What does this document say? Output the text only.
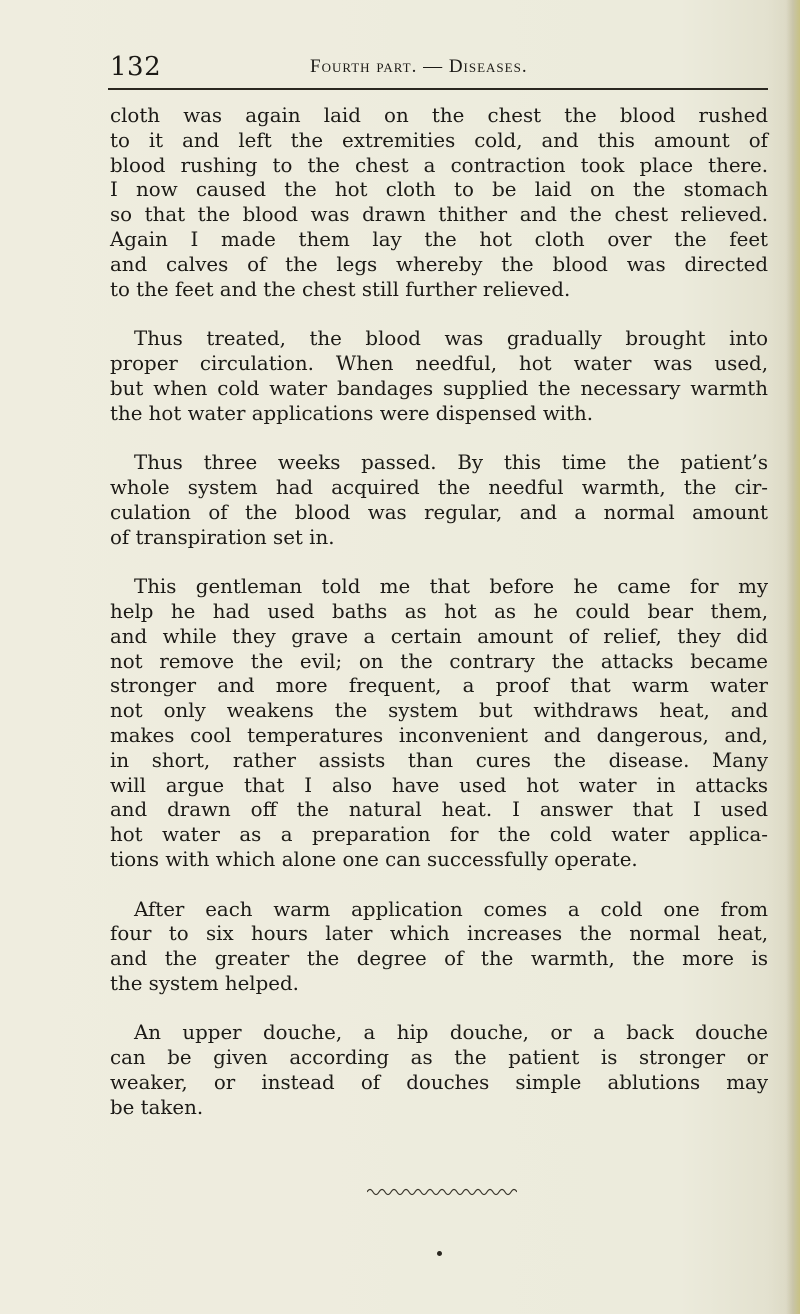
132	Fourth part. — Diseases.
cloth was again laid on the chest the blood rushed
to it and left the extremities cold, and this amount of
blood rushing to the chest a contraction took place there.
I now caused the hot cloth to be laid on the stomach
so that the blood was drawn thither and the chest relieved.
Again I made them lay the hot cloth over the feet
and calves of the legs whereby the blood was directed
to the feet and the chest still further relieved.
Thus treated, the blood was gradually brought into
proper circulation. When needful, hot water was used,
but when cold water bandages supplied the necessary warmth
the hot water applications were dispensed with.
Thus three weeks passed. By this time the patient’s
whole system had acquired the needful warmth, the cir-
culation of the blood was regular, and a normal amount
of transpiration set in.
This gentleman told me that before he came for my
help he had used baths as hot as he could bear them,
and while they grave a certain amount of relief, they did
not remove the evil; on the contrary the attacks became
stronger and more frequent, a proof that warm water
not only weakens the system but withdraws heat, and
makes cool temperatures inconvenient and dangerous, and,
in short, rather assists than cures the disease. Many
will argue that I also have used hot water in attacks
and drawn off the natural heat. I answer that I used
hot water as a preparation for the cold water applica-
tions with which alone one can successfully operate.
After each warm application comes a cold one from
four to six hours later which increases the normal heat,
and the greater the degree of the warmth, the more is
the system helped.
An upper douche, a hip douche, or a back douche
can be given according as the patient is stronger or
weaker, or instead of douches simple ablutions may
be taken.
